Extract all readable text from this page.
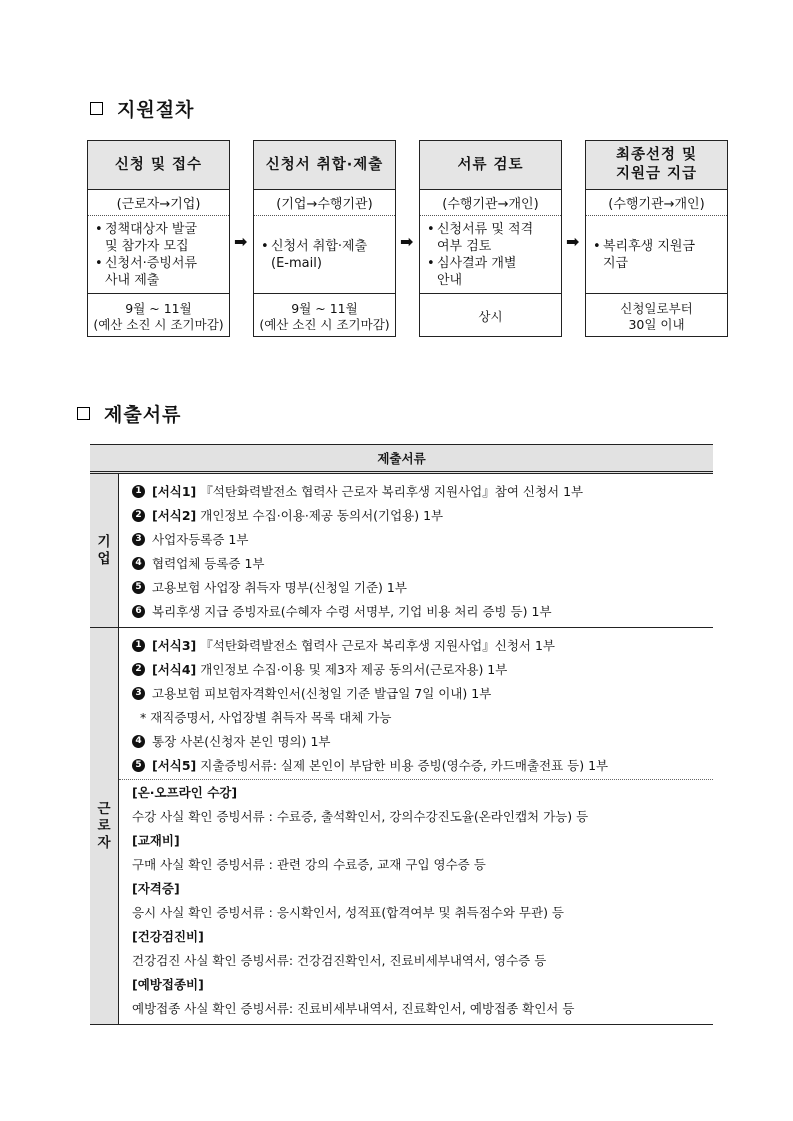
지원절차
신청 및 접수
(근로자→기업)
• 정책대상자 발굴
및 참가자 모집
• 신청서·증빙서류
사내 제출
9월 ~ 11월
(예산 소진 시 조기마감)
➡
신청서 취합·제출
(기업→수행기관)
• 신청서 취합·제출
(E-mail)
9월 ~ 11월
(예산 소진 시 조기마감)
➡
서류 검토
(수행기관→개인)
• 신청서류 및 적격
여부 검토
• 심사결과 개별
안내
상시
➡
최종선정 및
지원금 지급
(수행기관→개인)
• 복리후생 지원금
지급
신청일로부터
30일 이내
제출서류
제출서류
기업
1 [서식1] 『석탄화력발전소 협력사 근로자 복리후생 지원사업』참여 신청서 1부
2 [서식2] 개인정보 수집·이용·제공 동의서(기업용) 1부
3 사업자등록증 1부
4 협력업체 등록증 1부
5 고용보험 사업장 취득자 명부(신청일 기준) 1부
6 복리후생 지급 증빙자료(수혜자 수령 서명부, 기업 비용 처리 증빙 등) 1부
근로자
1 [서식3] 『석탄화력발전소 협력사 근로자 복리후생 지원사업』신청서 1부
2 [서식4] 개인정보 수집·이용 및 제3자 제공 동의서(근로자용) 1부
3 고용보험 피보험자격확인서(신청일 기준 발급일 7일 이내) 1부
* 재직증명서, 사업장별 취득자 목록 대체 가능
4 통장 사본(신청자 본인 명의) 1부
5 [서식5] 지출증빙서류: 실제 본인이 부담한 비용 증빙(영수증, 카드매출전표 등) 1부
[온·오프라인 수강]
수강 사실 확인 증빙서류 : 수료증, 출석확인서, 강의수강진도율(온라인캡처 가능) 등
[교재비]
구매 사실 확인 증빙서류 : 관련 강의 수료증, 교재 구입 영수증 등
[자격증]
응시 사실 확인 증빙서류 : 응시확인서, 성적표(합격여부 및 취득점수와 무관) 등
[건강검진비]
건강검진 사실 확인 증빙서류: 건강검진확인서, 진료비세부내역서, 영수증 등
[예방접종비]
예방접종 사실 확인 증빙서류: 진료비세부내역서, 진료확인서, 예방접종 확인서 등
